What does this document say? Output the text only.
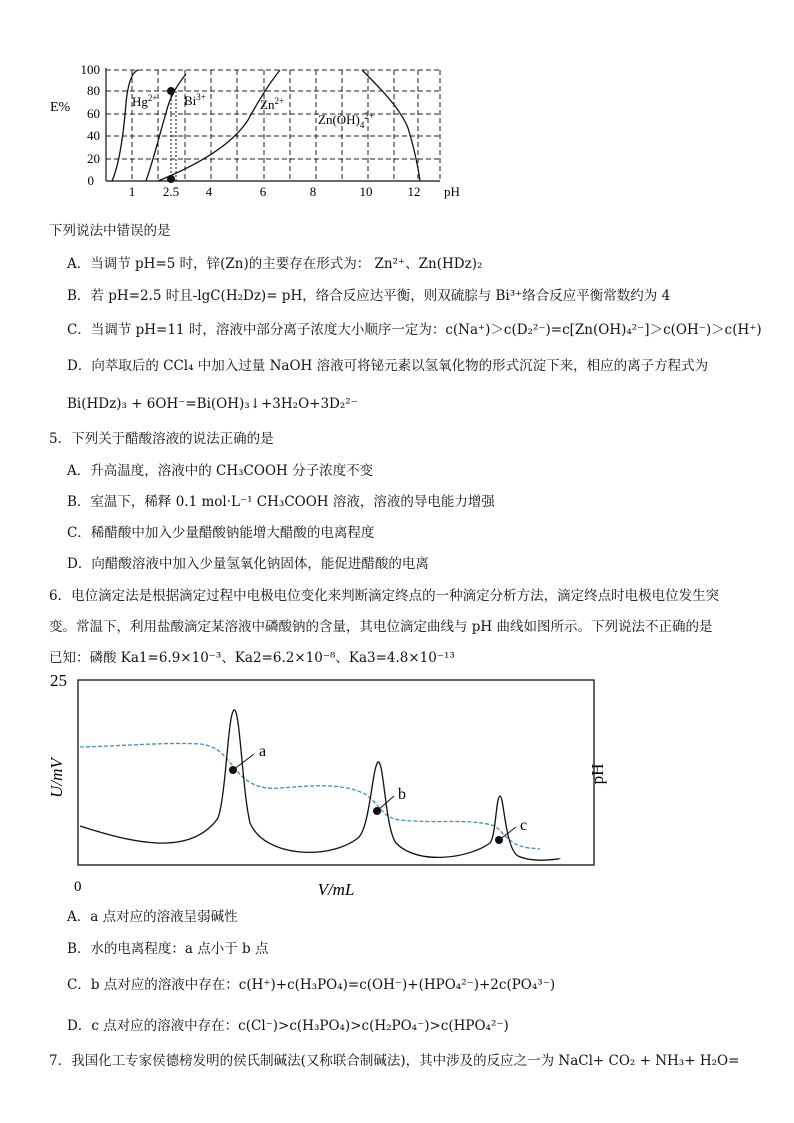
100
80
60
40
20
0
E%
1 2.5 4	6	8	10	12 pH
$Hg^{2+}$ $Bi^{3+}$	$Zn^{2+}$
$Zn(OH)_4^{2+}$
下列说法中错误的是
A．当调节 pH=5 时，锌(Zn)的主要存在形式为： Zn²⁺、Zn(HDz)₂
B．若 pH=2.5 时且-lgC(H₂Dz)= pH，络合反应达平衡，则双硫腙与 Bi³⁺络合反应平衡常数约为 4
C．当调节 pH=11 时，溶液中部分离子浓度大小顺序一定为：c(Na⁺)＞c(D₂²⁻)=c[Zn(OH)₄²⁻]＞c(OH⁻)＞c(H⁺)
D．向萃取后的 CCl₄ 中加入过量 NaOH 溶液可将铋元素以氢氧化物的形式沉淀下来，相应的离子方程式为
Bi(HDz)₃ + 6OH⁻=Bi(OH)₃↓+3H₂O+3D₂²⁻
5．下列关于醋酸溶液的说法正确的是
A．升高温度，溶液中的 CH₃COOH 分子浓度不变
B．室温下，稀释 0.1 mol·L⁻¹ CH₃COOH 溶液，溶液的导电能力增强
C．稀醋酸中加入少量醋酸钠能增大醋酸的电离程度
D．向醋酸溶液中加入少量氢氧化钠固体，能促进醋酸的电离
6．电位滴定法是根据滴定过程中电极电位变化来判断滴定终点的一种滴定分析方法，滴定终点时电极电位发生突
变。常温下，利用盐酸滴定某溶液中磷酸钠的含量，其电位滴定曲线与 pH 曲线如图所示。下列说法不正确的是
已知：磷酸 Ka1=6.9×10⁻³、Ka2=6.2×10⁻⁸、Ka3=4.8×10⁻¹³
25
0
U/mV
V/mL
pH
a
b
c
A．a 点对应的溶液呈弱碱性
B．水的电离程度：a 点小于 b 点
C．b 点对应的溶液中存在：c(H⁺)+c(H₃PO₄)=c(OH⁻)+(HPO₄²⁻)+2c(PO₄³⁻)
D．c 点对应的溶液中存在：c(Cl⁻)>c(H₃PO₄)>c(H₂PO₄⁻)>c(HPO₄²⁻)
7．我国化工专家侯德榜发明的侯氏制碱法(又称联合制碱法)，其中涉及的反应之一为 NaCl+ CO₂ + NH₃+ H₂O=
